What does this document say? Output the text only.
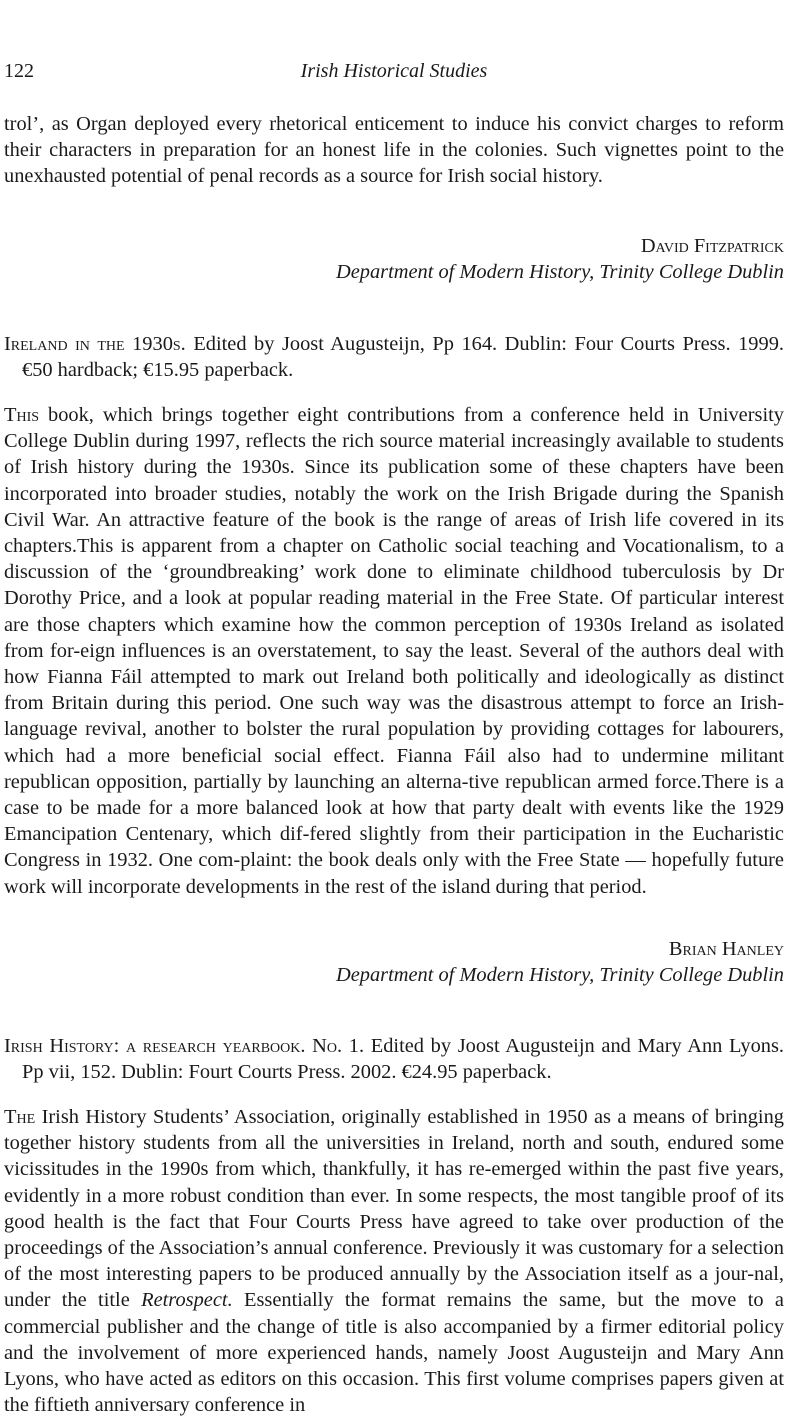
122	Irish Historical Studies

trol’, as Organ deployed every rhetorical enticement to induce his convict charges to reform their characters in preparation for an honest life in the colonies. Such vignettes point to the unexhausted potential of penal records as a source for Irish social history.

David Fitzpatrick
Department of Modern History, Trinity College Dublin

Ireland in the 1930s. Edited by Joost Augusteijn, Pp 164. Dublin: Four Courts Press. 1999. €50 hardback; €15.95 paperback.

This book, which brings together eight contributions from a conference held in University College Dublin during 1997, reflects the rich source material increasingly available to students of Irish history during the 1930s. Since its publication some of these chapters have been incorporated into broader studies, notably the work on the Irish Brigade during the Spanish Civil War. An attractive feature of the book is the range of areas of Irish life covered in its chapters.This is apparent from a chapter on Catholic social teaching and Vocationalism, to a discussion of the ‘groundbreaking’ work done to eliminate childhood tuberculosis by Dr Dorothy Price, and a look at popular reading material in the Free State. Of particular interest are those chapters which examine how the common perception of 1930s Ireland as isolated from for-eign influences is an overstatement, to say the least. Several of the authors deal with how Fianna Fáil attempted to mark out Ireland both politically and ideologically as distinct from Britain during this period. One such way was the disastrous attempt to force an Irish-language revival, another to bolster the rural population by providing cottages for labourers, which had a more beneficial social effect. Fianna Fáil also had to undermine militant republican opposition, partially by launching an alterna-tive republican armed force.There is a case to be made for a more balanced look at how that party dealt with events like the 1929 Emancipation Centenary, which dif-fered slightly from their participation in the Eucharistic Congress in 1932. One com-plaint: the book deals only with the Free State — hopefully future work will incorporate developments in the rest of the island during that period.

Brian Hanley
Department of Modern History, Trinity College Dublin

Irish History: a research yearbook. No. 1. Edited by Joost Augusteijn and Mary Ann Lyons. Pp vii, 152. Dublin: Fourt Courts Press. 2002. €24.95 paperback.

The Irish History Students’ Association, originally established in 1950 as a means of bringing together history students from all the universities in Ireland, north and south, endured some vicissitudes in the 1990s from which, thankfully, it has re-emerged within the past five years, evidently in a more robust condition than ever. In some respects, the most tangible proof of its good health is the fact that Four Courts Press have agreed to take over production of the proceedings of the Association’s annual conference. Previously it was customary for a selection of the most interesting papers to be produced annually by the Association itself as a jour-nal, under the title Retrospect. Essentially the format remains the same, but the move to a commercial publisher and the change of title is also accompanied by a firmer editorial policy and the involvement of more experienced hands, namely Joost Augusteijn and Mary Ann Lyons, who have acted as editors on this occasion. This first volume comprises papers given at the fiftieth anniversary conference in
